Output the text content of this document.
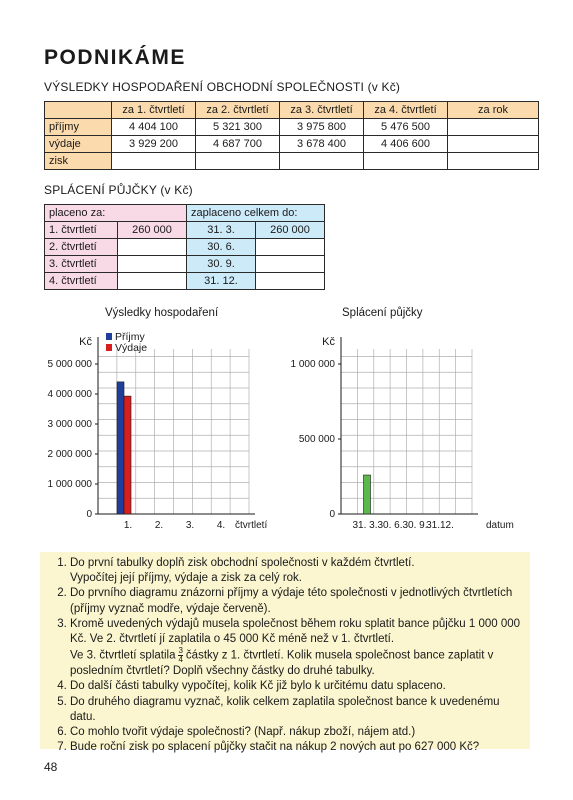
PODNIKÁME
VÝSLEDKY HOSPODAŘENÍ OBCHODNÍ SPOLEČNOSTI (v Kč)
	za 1. čtvrtletí	za 2. čtvrtletí	za 3. čtvrtletí	za 4. čtvrtletí	za rok
příjmy	4 404 100	5 321 300	3 975 800	5 476 500	
výdaje	3 929 200	4 687 700	3 678 400	4 406 600	
zisk					
SPLÁCENÍ PŮJČKY (v Kč)
placeno za:		zaplaceno celkem do:	
1. čtvrtletí	260 000	31. 3.	260 000
2. čtvrtletí		30. 6.	
3. čtvrtletí		30. 9.	
4. čtvrtletí		31. 12.	
Výsledky hospodaření	Splácení půjčky
0
1 000 000
2 000 000
3 000 000
4 000 000
5 000 000
Kč
1. 2. 3. 4. čtvrtletí
Příjmy
Výdaje
0
500 000
1 000 000
Kč
31. 3. 30. 6. 30. 9.
31.12.	datum
1. Do první tabulky doplň zisk obchodní společnosti v každém čtvrtletí.
Vypočítej její příjmy, výdaje a zisk za celý rok.
2. Do prvního diagramu znázorni příjmy a výdaje této společnosti v jednotlivých čtvrtletích (příjmy vyznač modře, výdaje červeně).
3. Kromě uvedených výdajů musela společnost během roku splatit bance půjčku 1 000 000 Kč. Ve 2. čtvrtletí jí zaplatila o 45 000 Kč méně než v 1. čtvrtletí.
Ve 3. čtvrtletí splatila $\frac{3}{4}$ částky z 1. čtvrtletí. Kolik musela společnost bance zaplatit v posledním čtvrtletí? Doplň všechny částky do druhé tabulky.
4. Do další části tabulky vypočítej, kolik Kč již bylo k určitému datu splaceno.
5. Do druhého diagramu vyznač, kolik celkem zaplatila společnost bance k uvedenému datu.
6. Co mohlo tvořit výdaje společnosti? (Např. nákup zboží, nájem atd.)
7. Bude roční zisk po splacení půjčky stačit na nákup 2 nových aut po 627 000 Kč?
48
